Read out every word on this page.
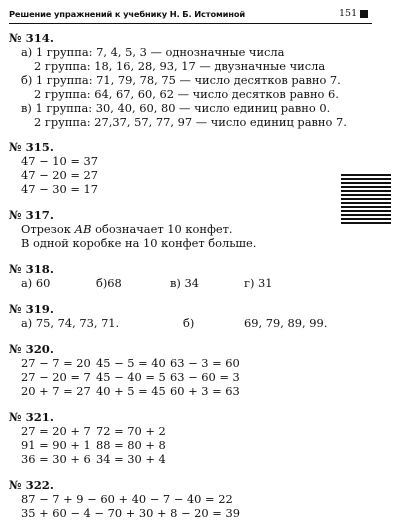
Решение упражнений к учебнику Н. Б. Истоминой	151
№ 314.
а) 1 группа: 7, 4, 5, 3 — однозначные числа
2 группа: 18, 16, 28, 93, 17 — двузначные числа
б) 1 группа: 71, 79, 78, 75 — число десятков равно 7.
2 группа: 64, 67, 60, 62 — число десятков равно 6.
в) 1 группа: 30, 40, 60, 80 — число единиц равно 0.
2 группа: 27,37, 57, 77, 97 — число единиц равно 7.
№ 315.
47 − 10 = 37
47 − 20 = 27
47 − 30 = 17
№ 317.
Отрезок АВ обозначает 10 конфет.
В одной коробке на 10 конфет больше.
№ 318.
а) 60	б)68	в) 34	г) 31
№ 319.
а) 75, 74, 73, 71.	б)	69, 79, 89, 99.
№ 320.
27 − 7 = 20 45 − 5 = 40 63 − 3 = 60
27 − 20 = 7 45 − 40 = 5 63 − 60 = 3
20 + 7 = 27 40 + 5 = 45 60 + 3 = 63
№ 321.
27 = 20 + 7 72 = 70 + 2
91 = 90 + 1 88 = 80 + 8
36 = 30 + 6 34 = 30 + 4
№ 322.
87 − 7 + 9 − 60 + 40 − 7 − 40 = 22
35 + 60 − 4 − 70 + 30 + 8 − 20 = 39
